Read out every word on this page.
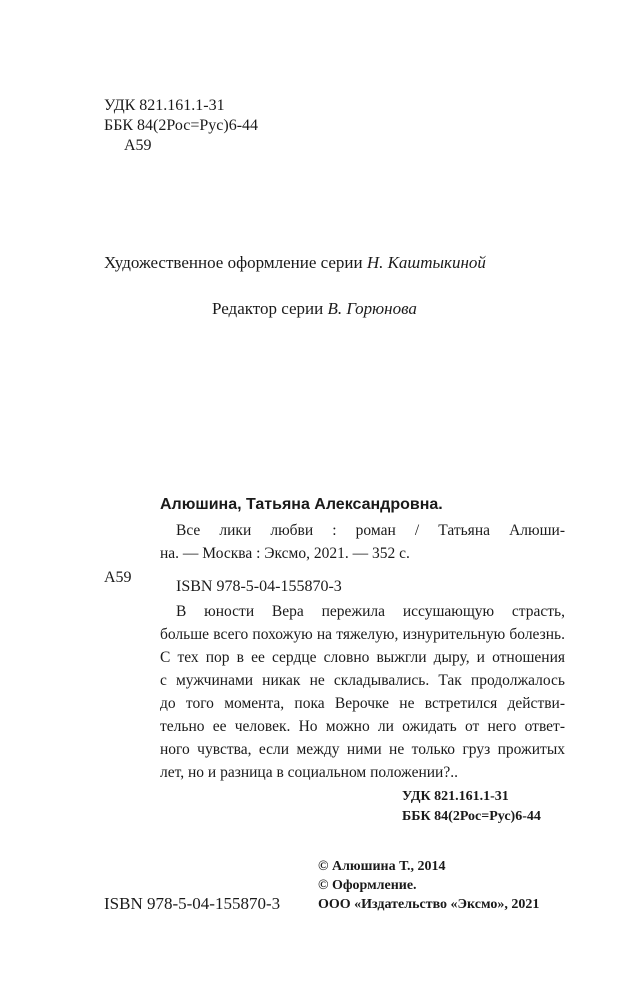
УДК 821.161.1-31
ББК 84(2Рос=Рус)6-44
А59
Художественное оформление серии Н. Каштыкиной
Редактор серии В. Горюнова
Алюшина, Татьяна Александровна.
Все лики любви : роман / Татьяна Алюши-
на. — Москва : Эксмо, 2021. — 352 с.
А59
ISBN 978-5-04-155870-3
В юности Вера пережила иссушающую страсть,
больше всего похожую на тяжелую, изнурительную болезнь.
С тех пор в ее сердце словно выжгли дыру, и отношения
с мужчинами никак не складывались. Так продолжалось
до того момента, пока Верочке не встретился действи-
тельно ее человек. Но можно ли ожидать от него ответ-
ного чувства, если между ними не только груз прожитых
лет, но и разница в социальном положении?..
УДК 821.161.1-31
ББК 84(2Рос=Рус)6-44
© Алюшина Т., 2014
© Оформление.
ISBN 978-5-04-155870-3	ООО «Издательство «Эксмо», 2021
